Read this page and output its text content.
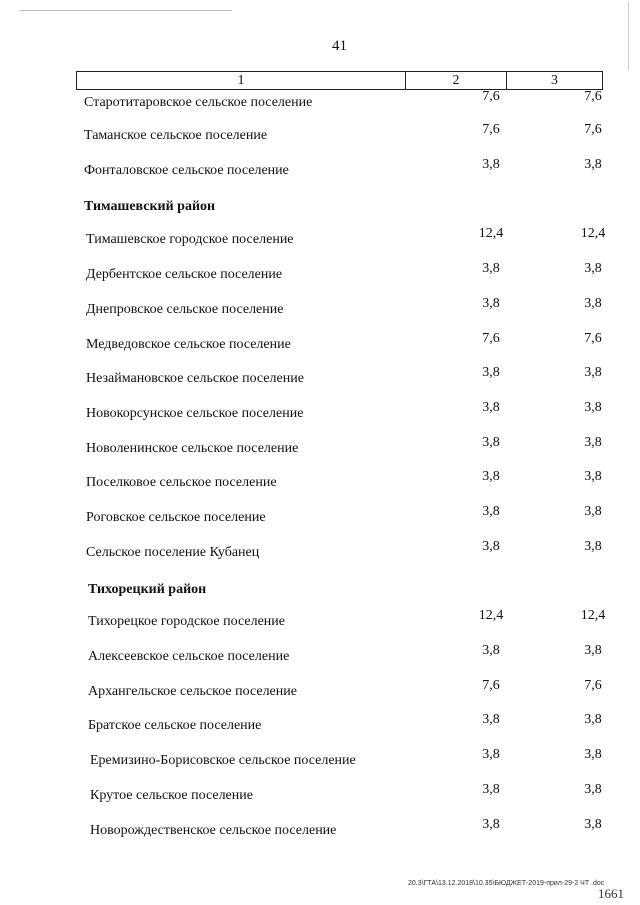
41
1	2	3
Старотитаровское сельское поселение	7,6	7,6
Таманское сельское поселение	7,6	7,6
Фонталовское сельское поселение	3,8	3,8
Тимашевский район
Тимашевское городское поселение	12,4	12,4
Дербентское сельское поселение	3,8	3,8
Днепровское сельское поселение	3,8	3,8
Медведовское сельское поселение	7,6	7,6
Незаймановское сельское поселение	3,8	3,8
Новокорсунское сельское поселение	3,8	3,8
Новоленинское сельское поселение	3,8	3,8
Поселковое сельское поселение	3,8	3,8
Роговское сельское поселение	3,8	3,8
Сельское поселение Кубанец	3,8	3,8
Тихорецкий район
Тихорецкое городское поселение	12,4	12,4
Алексеевское сельское поселение	3,8	3,8
Архангельское сельское поселение	7,6	7,6
Братское сельское поселение	3,8	3,8
Еремизино-Борисовское сельское поселение	3,8	3,8
Крутое сельское поселение	3,8	3,8
Новорождественское сельское поселение	3,8	3,8
20.3\ГТА\13.12.2018\10.35\БЮДЖЕТ-2019-прил-29-2 ЧТ .doc
1661
